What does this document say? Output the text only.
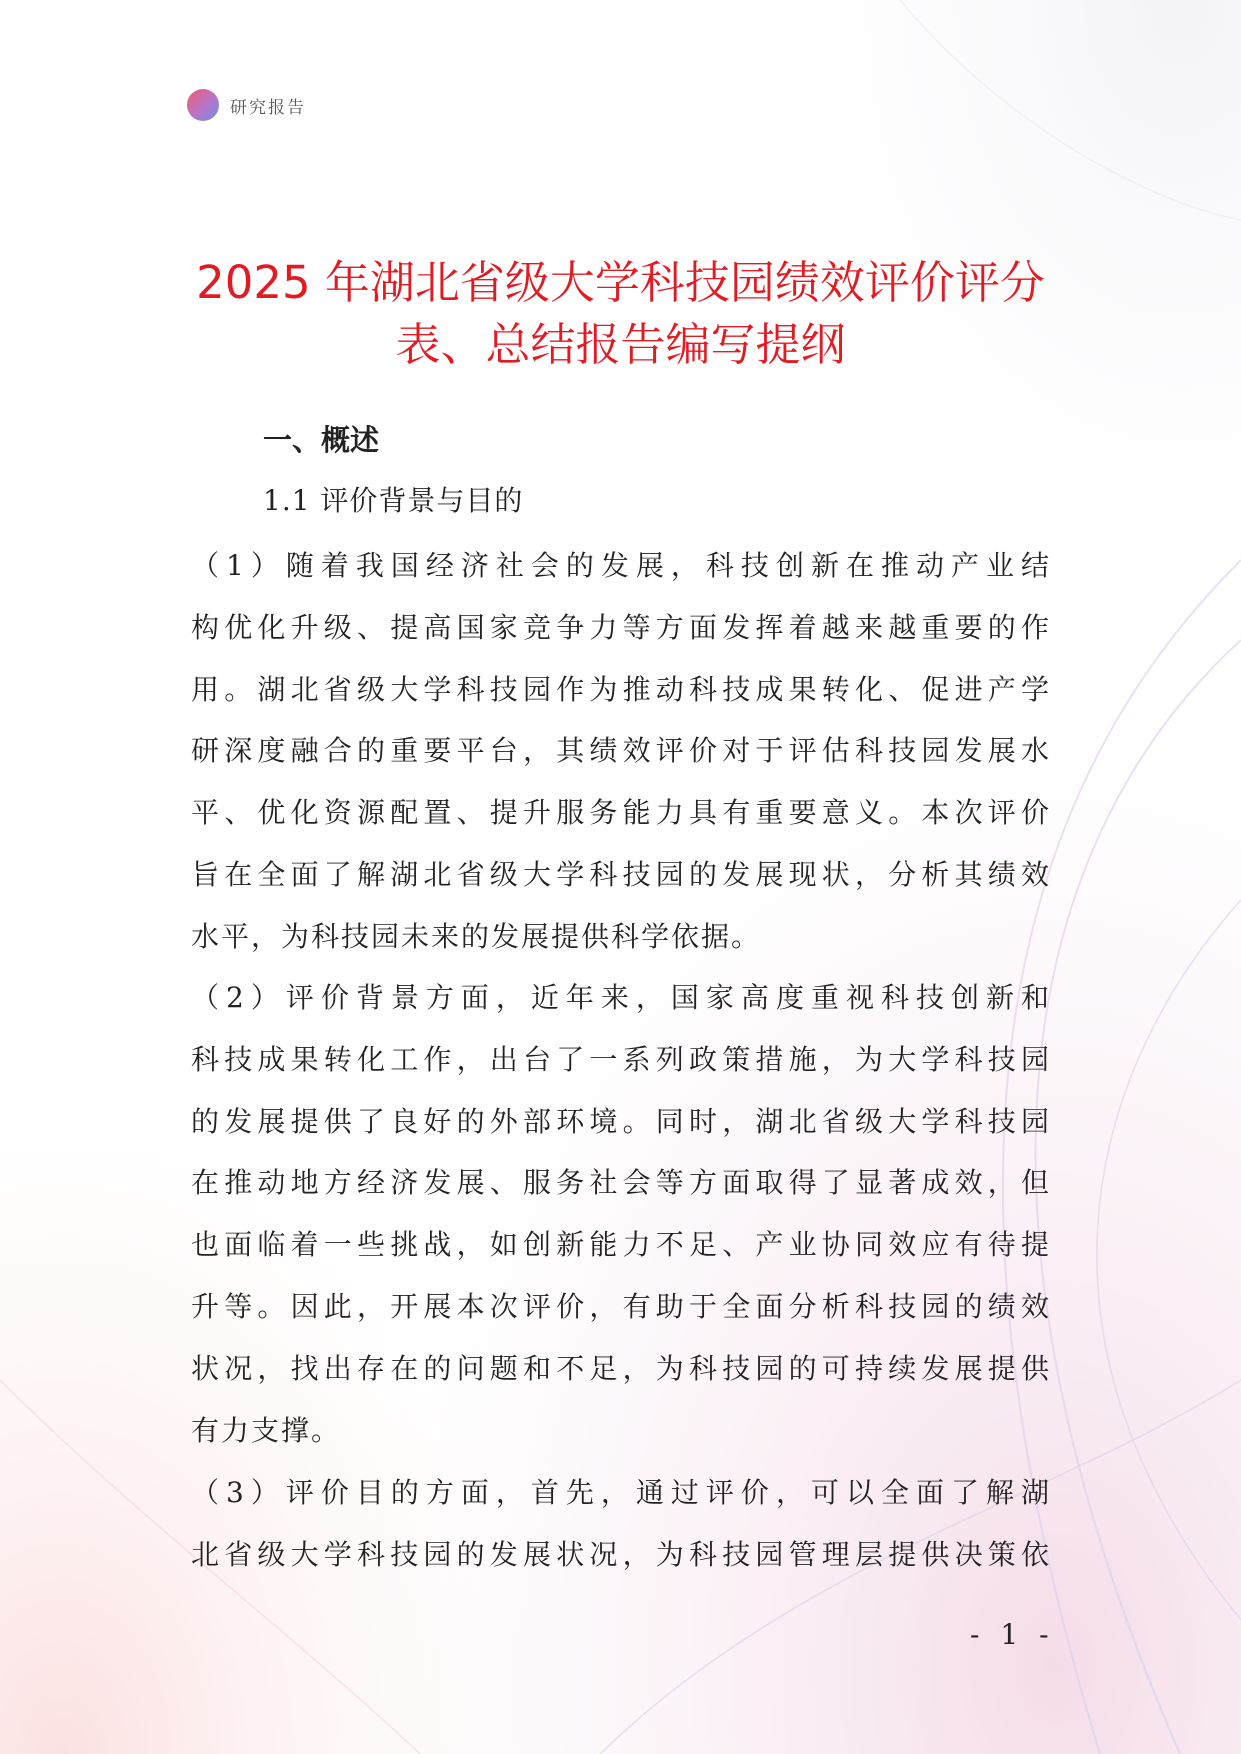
研究报告
2025 年湖北省级大学科技园绩效评价评分
表、总结报告编写提纲
一、概述
1.1 评价背景与目的
（1）随着我国经济社会的发展，科技创新在推动产业结
构优化升级、提高国家竞争力等方面发挥着越来越重要的作
用。湖北省级大学科技园作为推动科技成果转化、促进产学
研深度融合的重要平台，其绩效评价对于评估科技园发展水
平、优化资源配置、提升服务能力具有重要意义。本次评价
旨在全面了解湖北省级大学科技园的发展现状，分析其绩效
水平，为科技园未来的发展提供科学依据。
（2）评价背景方面，近年来，国家高度重视科技创新和
科技成果转化工作，出台了一系列政策措施，为大学科技园
的发展提供了良好的外部环境。同时，湖北省级大学科技园
在推动地方经济发展、服务社会等方面取得了显著成效，但
也面临着一些挑战，如创新能力不足、产业协同效应有待提
升等。因此，开展本次评价，有助于全面分析科技园的绩效
状况，找出存在的问题和不足，为科技园的可持续发展提供
有力支撑。
（3）评价目的方面，首先，通过评价，可以全面了解湖
北省级大学科技园的发展状况，为科技园管理层提供决策依
- 1 -
